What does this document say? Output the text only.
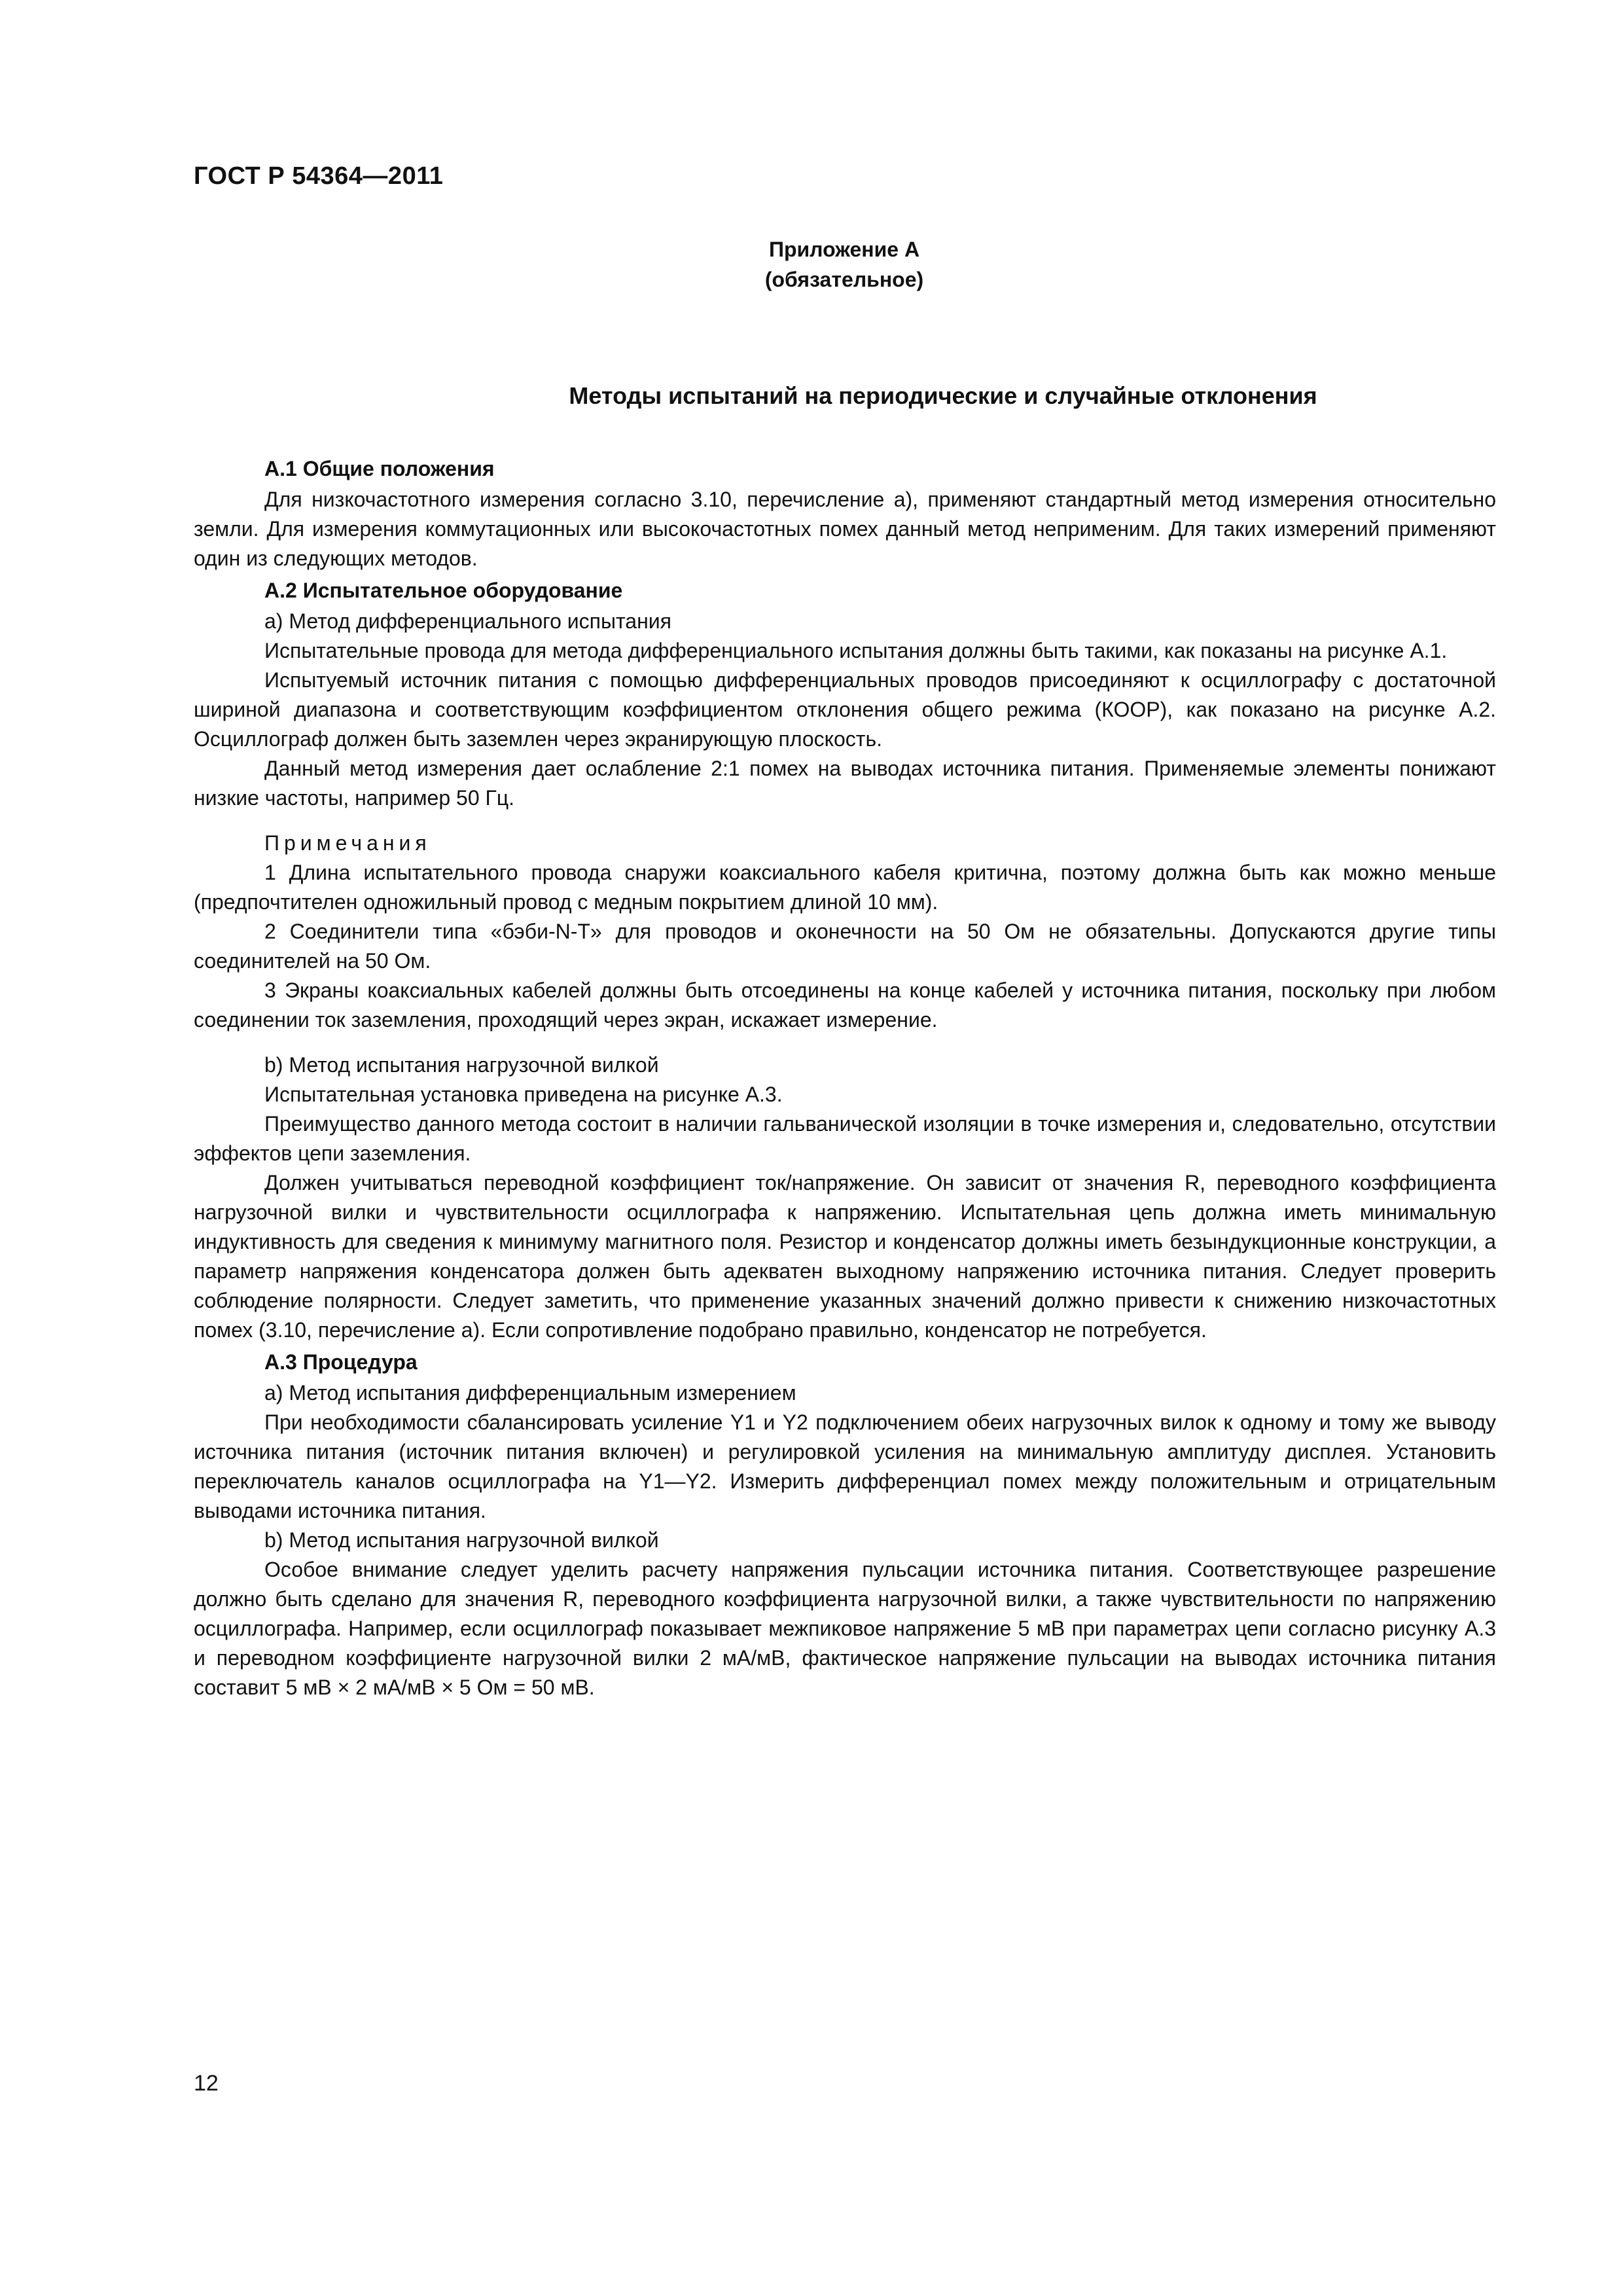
ГОСТ Р 54364—2011
Приложение А
(обязательное)
Методы испытаний на периодические и случайные отклонения
А.1 Общие положения

Для низкочастотного измерения согласно 3.10, перечисление а), применяют стандартный метод измерения относительно земли. Для измерения коммутационных или высокочастотных помех данный метод неприменим. Для таких измерений применяют один из следующих методов.

А.2 Испытательное оборудование

а) Метод дифференциального испытания

Испытательные провода для метода дифференциального испытания должны быть такими, как показаны на рисунке А.1.

Испытуемый источник питания с помощью дифференциальных проводов присоединяют к осциллографу с достаточной шириной диапазона и соответствующим коэффициентом отклонения общего режима (КООР), как показано на рисунке А.2. Осциллограф должен быть заземлен через экранирующую плоскость.

Данный метод измерения дает ослабление 2:1 помех на выводах источника питания. Применяемые элементы понижают низкие частоты, например 50 Гц.

Примечания

1 Длина испытательного провода снаружи коаксиального кабеля критична, поэтому должна быть как можно меньше (предпочтителен одножильный провод с медным покрытием длиной 10 мм).

2 Соединители типа «бэби-N-T» для проводов и оконечности на 50 Ом не обязательны. Допускаются другие типы соединителей на 50 Ом.

3 Экраны коаксиальных кабелей должны быть отсоединены на конце кабелей у источника питания, поскольку при любом соединении ток заземления, проходящий через экран, искажает измерение.

b) Метод испытания нагрузочной вилкой

Испытательная установка приведена на рисунке А.3.

Преимущество данного метода состоит в наличии гальванической изоляции в точке измерения и, следовательно, отсутствии эффектов цепи заземления.

Должен учитываться переводной коэффициент ток/напряжение. Он зависит от значения R, переводного коэффициента нагрузочной вилки и чувствительности осциллографа к напряжению. Испытательная цепь должна иметь минимальную индуктивность для сведения к минимуму магнитного поля. Резистор и конденсатор должны иметь безындукционные конструкции, а параметр напряжения конденсатора должен быть адекватен выходному напряжению источника питания. Следует проверить соблюдение полярности. Следует заметить, что применение указанных значений должно привести к снижению низкочастотных помех (3.10, перечисление а). Если сопротивление подобрано правильно, конденсатор не потребуется.

А.3 Процедура

а) Метод испытания дифференциальным измерением

При необходимости сбалансировать усиление Y1 и Y2 подключением обеих нагрузочных вилок к одному и тому же выводу источника питания (источник питания включен) и регулировкой усиления на минимальную амплитуду дисплея. Установить переключатель каналов осциллографа на Y1—Y2. Измерить дифференциал помех между положительным и отрицательным выводами источника питания.

b) Метод испытания нагрузочной вилкой

Особое внимание следует уделить расчету напряжения пульсации источника питания. Соответствующее разрешение должно быть сделано для значения R, переводного коэффициента нагрузочной вилки, а также чувствительности по напряжению осциллографа. Например, если осциллограф показывает межпиковое напряжение 5 мВ при параметрах цепи согласно рисунку А.3 и переводном коэффициенте нагрузочной вилки 2 мА/мВ, фактическое напряжение пульсации на выводах источника питания составит 5 мВ × 2 мА/мВ × 5 Ом = 50 мВ.

12
